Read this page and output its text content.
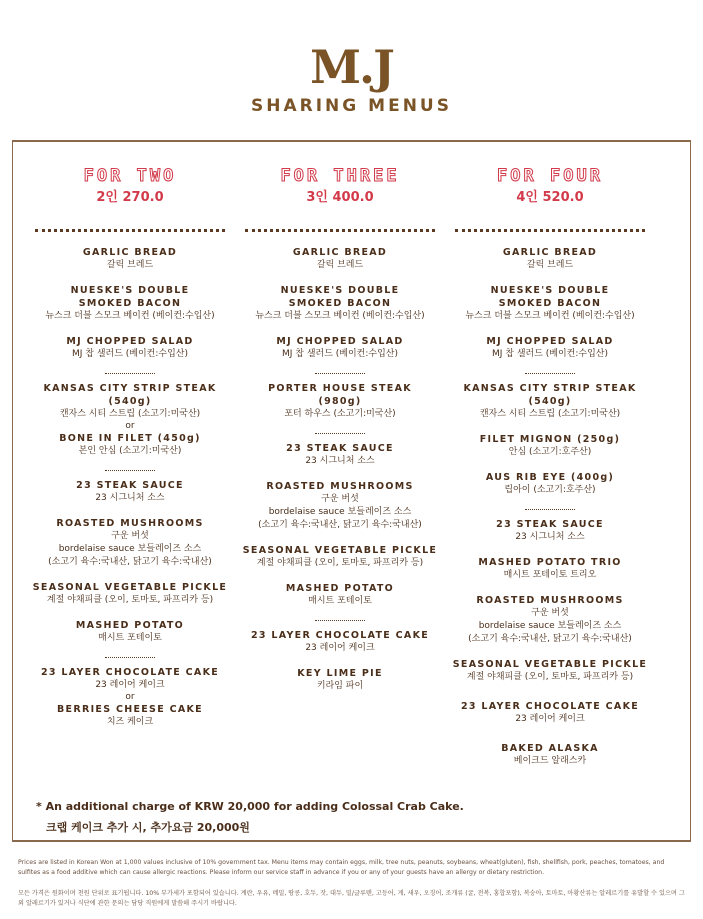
M.J
SHARING MENUS
FOR TWO
2인 270.0
GARLIC BREAD
갈릭 브레드
NUESKE'S DOUBLE
SMOKED BACON
뉴스크 더블 스모크 베이컨 (베이컨:수입산)
MJ CHOPPED SALAD
MJ 찹 샐러드 (베이컨:수입산)
KANSAS CITY STRIP STEAK
(540g)
캔자스 시티 스트립 (소고기:미국산)
or
BONE IN FILET (450g)
본인 안심 (소고기:미국산)
23 STEAK SAUCE
23 시그니처 소스
ROASTED MUSHROOMS
구운 버섯
bordelaise sauce 보들레이즈 소스
(소고기 육수:국내산, 닭고기 육수:국내산)
SEASONAL VEGETABLE PICKLE
계절 야채피클 (오이, 토마토, 파프리카 등)
MASHED POTATO
매시트 포테이토
23 LAYER CHOCOLATE CAKE
23 레이어 케이크
or
BERRIES CHEESE CAKE
치즈 케이크
FOR THREE
3인 400.0
GARLIC BREAD
갈릭 브레드
NUESKE'S DOUBLE
SMOKED BACON
뉴스크 더블 스모크 베이컨 (베이컨:수입산)
MJ CHOPPED SALAD
MJ 찹 샐러드 (베이컨:수입산)
PORTER HOUSE STEAK
(980g)
포터 하우스 (소고기:미국산)
23 STEAK SAUCE
23 시그니처 소스
ROASTED MUSHROOMS
구운 버섯
bordelaise sauce 보들레이즈 소스
(소고기 육수:국내산, 닭고기 육수:국내산)
SEASONAL VEGETABLE PICKLE
계절 야채피클 (오이, 토마토, 파프리카 등)
MASHED POTATO
매시트 포테이토
23 LAYER CHOCOLATE CAKE
23 레이어 케이크
KEY LIME PIE
키라임 파이
FOR FOUR
4인 520.0
GARLIC BREAD
갈릭 브레드
NUESKE'S DOUBLE
SMOKED BACON
뉴스크 더블 스모크 베이컨 (베이컨:수입산)
MJ CHOPPED SALAD
MJ 찹 샐러드 (베이컨:수입산)
KANSAS CITY STRIP STEAK
(540g)
캔자스 시티 스트립 (소고기:미국산)
FILET MIGNON (250g)
안심 (소고기:호주산)
AUS RIB EYE (400g)
립아이 (소고기:호주산)
23 STEAK SAUCE
23 시그니처 소스
MASHED POTATO TRIO
매시트 포테이토 트리오
ROASTED MUSHROOMS
구운 버섯
bordelaise sauce 보들레이즈 소스
(소고기 육수:국내산, 닭고기 육수:국내산)
SEASONAL VEGETABLE PICKLE
계절 야채피클 (오이, 토마토, 파프리카 등)
23 LAYER CHOCOLATE CAKE
23 레이어 케이크
BAKED ALASKA
베이크드 알래스카
* An additional charge of KRW 20,000 for adding Colossal Crab Cake.
크랩 케이크 추가 시, 추가요금 20,000원
Prices are listed in Korean Won at 1,000 values inclusive of 10% government tax. Menu items may contain eggs, milk, tree nuts, peanuts, soybeans, wheat(gluten), fish, shellfish, pork, peaches, tomatoes, and sulfites as a food additive which can cause allergic reactions. Please inform our service staff in advance if you or any of your guests have an allergy or dietary restriction.
모든 가격은 원화이며 천원 단위로 표기됩니다. 10% 부가세가 포함되어 있습니다. 계란, 우유, 메밀, 땅콩, 호두, 잣, 대두, 밀/글루텐, 고등어, 게, 새우, 오징어, 조개류 (굴, 전복, 홍합포함), 복숭아, 토마토, 아황산류는 알레르기를 유발할 수 있으며 그 외 알레르기가 있거나 식단에 관한 문의는 담당 직원에게 말씀해 주시기 바랍니다.
